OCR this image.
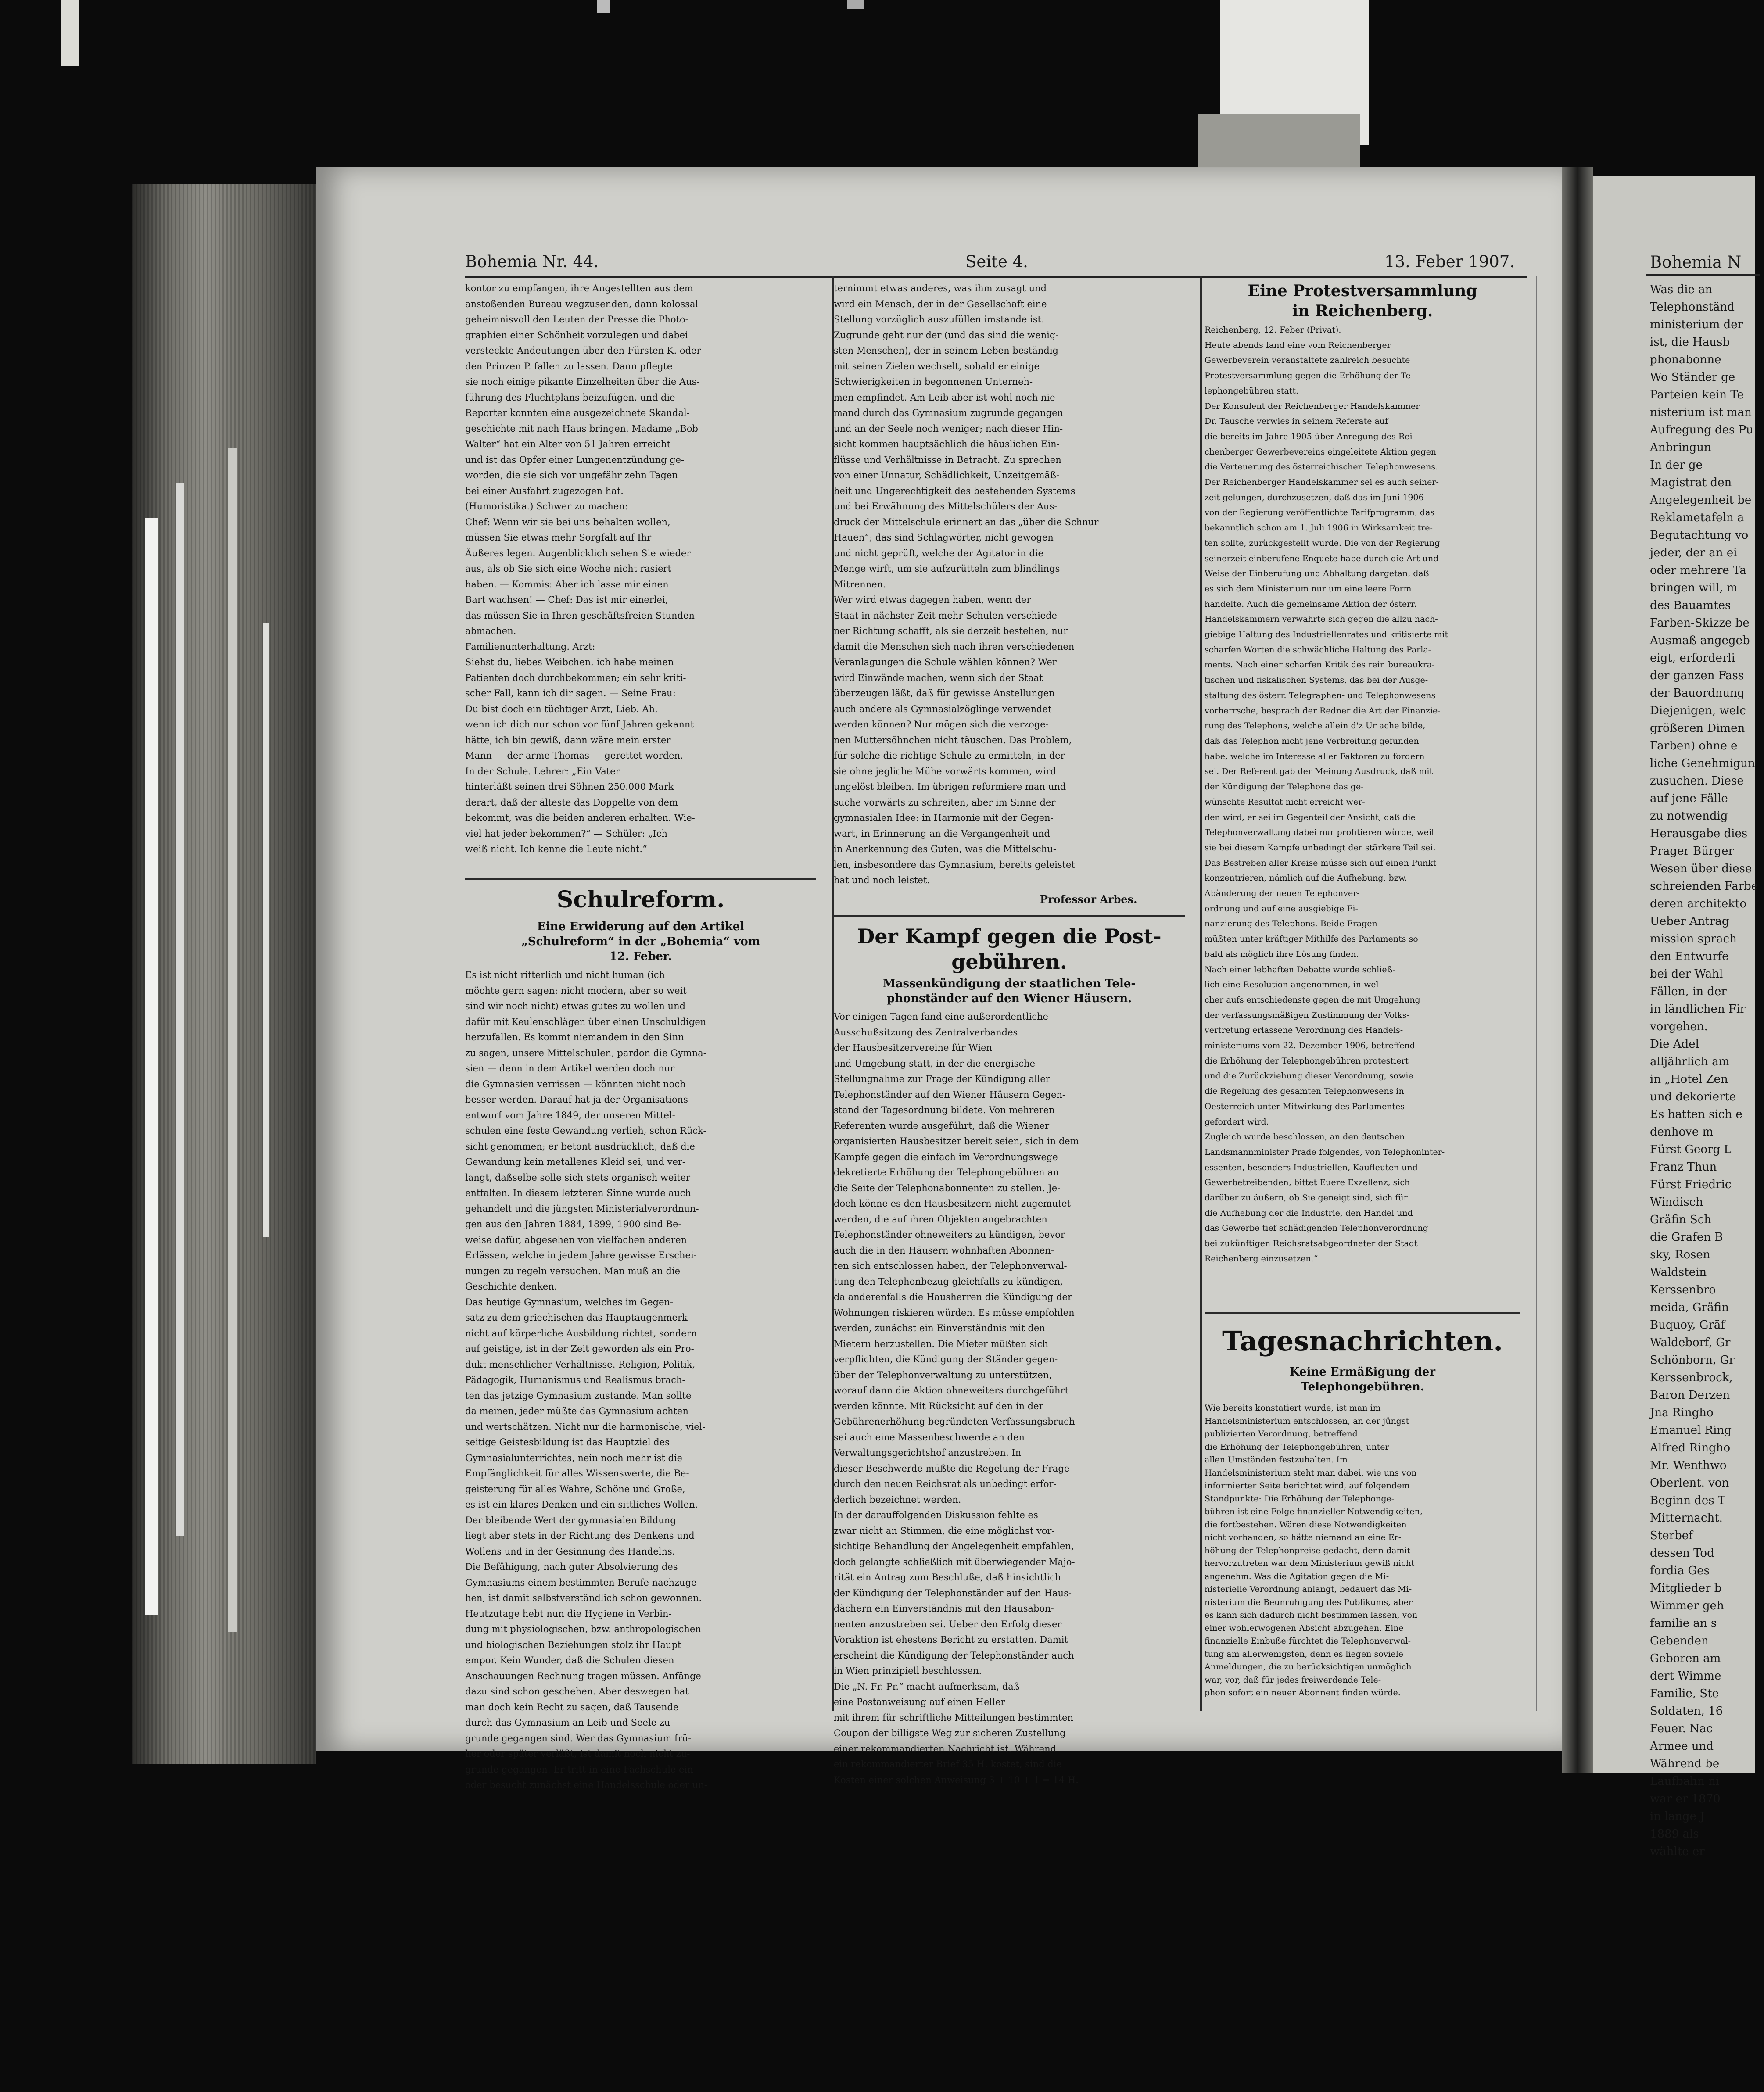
Bohemia N

Was die an

Telephonständ

ministerium der

ist, die Hausb

phonabonne

Wo Ständer ge

Parteien kein Te

nisterium ist man

Aufregung des Pu

Anbringun

In der ge

Magistrat den

Angelegenheit be

Reklametafeln a

Begutachtung vo

jeder, der an ei

oder mehrere Ta

bringen will, m

des Bauamtes

Farben-Skizze be

Ausmaß angegeb

eigt, erforderli

der ganzen Fass

der Bauordnung

Diejenigen, welc

größeren Dimen

Farben) ohne e

liche Genehmigun

zusuchen. Diese

auf jene Fälle

zu notwendig

Herausgabe dies

Prager Bürger

Wesen über diese

schreienden Farbe

deren architekto

Ueber Antrag

mission sprach

den Entwurfe

bei der Wahl

Fällen, in der

in ländlichen Fir

vorgehen.

Die Adel

alljährlich am

in „Hotel Zen

und dekorierte

Es hatten sich e

denhove m

Fürst Georg L

Franz Thun

Fürst Friedric

Windisch

Gräfin Sch

die Grafen B

sky, Rosen

Waldstein

Kerssenbro

meida, Gräfin

Buquoy, Gräf

Waldeborf, Gr

Schönborn, Gr

Kerssenbrock,

Baron Derzen

Jna Ringho

Emanuel Ring

Alfred Ringho

Mr. Wenthwo

Oberlent. von

Beginn des T

Mitternacht.

Sterbef

dessen Tod

fordia Ges

Mitglieder b

Wimmer geh

familie an s

Gebenden

Geboren am

dert Wimme

Familie, Ste

Soldaten, 16

Feuer. Nac

Armee und

Während be

Laufbahn ni

war er 1870

in lange J

1889 als

wählte er

Bohemia Nr. 44.	Seite 4.	13. Feber 1907.

kontor zu empfangen, ihre Angestellten aus dem

anstoßenden Bureau wegzusenden, dann kolossal

geheimnisvoll den Leuten der Presse die Photo-

graphien einer Schönheit vorzulegen und dabei

versteckte Andeutungen über den Fürsten K. oder

den Prinzen P. fallen zu lassen. Dann pflegte

sie noch einige pikante Einzelheiten über die Aus-

führung des Fluchtplans beizufügen, und die

Reporter konnten eine ausgezeichnete Skandal-

geschichte mit nach Haus bringen. Madame „Bob

Walter“ hat ein Alter von 51 Jahren erreicht

und ist das Opfer einer Lungenentzündung ge-

worden, die sie sich vor ungefähr zehn Tagen

bei einer Ausfahrt zugezogen hat.

(Humoristika.) Schwer zu machen:

Chef: Wenn wir sie bei uns behalten wollen,

müssen Sie etwas mehr Sorgfalt auf Ihr

Äußeres legen. Augenblicklich sehen Sie wieder

aus, als ob Sie sich eine Woche nicht rasiert

haben. — Kommis: Aber ich lasse mir einen

Bart wachsen! — Chef: Das ist mir einerlei,

das müssen Sie in Ihren geschäftsfreien Stunden

abmachen.

Familienunterhaltung. Arzt:

Siehst du, liebes Weibchen, ich habe meinen

Patienten doch durchbekommen; ein sehr kriti-

scher Fall, kann ich dir sagen. — Seine Frau:

Du bist doch ein tüchtiger Arzt, Lieb. Ah,

wenn ich dich nur schon vor fünf Jahren gekannt

hätte, ich bin gewiß, dann wäre mein erster

Mann — der arme Thomas — gerettet worden.

In der Schule. Lehrer: „Ein Vater

hinterläßt seinen drei Söhnen 250.000 Mark

derart, daß der älteste das Doppelte von dem

bekommt, was die beiden anderen erhalten. Wie-

viel hat jeder bekommen?“ — Schüler: „Ich

weiß nicht. Ich kenne die Leute nicht.“

Schulreform.

Eine Erwiderung auf den Artikel

„Schulreform“ in der „Bohemia“ vom

12. Feber.

Es ist nicht ritterlich und nicht human (ich

möchte gern sagen: nicht modern, aber so weit

sind wir noch nicht) etwas gutes zu wollen und

dafür mit Keulenschlägen über einen Unschuldigen

herzufallen. Es kommt niemandem in den Sinn

zu sagen, unsere Mittelschulen, pardon die Gymna-

sien — denn in dem Artikel werden doch nur

die Gymnasien verrissen — könnten nicht noch

besser werden. Darauf hat ja der Organisations-

entwurf vom Jahre 1849, der unseren Mittel-

schulen eine feste Gewandung verlieh, schon Rück-

sicht genommen; er betont ausdrücklich, daß die

Gewandung kein metallenes Kleid sei, und ver-

langt, daßselbe solle sich stets organisch weiter

entfalten. In diesem letzteren Sinne wurde auch

gehandelt und die jüngsten Ministerialverordnun-

gen aus den Jahren 1884, 1899, 1900 sind Be-

weise dafür, abgesehen von vielfachen anderen

Erlässen, welche in jedem Jahre gewisse Erschei-

nungen zu regeln versuchen. Man muß an die

Geschichte denken.

Das heutige Gymnasium, welches im Gegen-

satz zu dem griechischen das Hauptaugenmerk

nicht auf körperliche Ausbildung richtet, sondern

auf geistige, ist in der Zeit geworden als ein Pro-

dukt menschlicher Verhältnisse. Religion, Politik,

Pädagogik, Humanismus und Realismus brach-

ten das jetzige Gymnasium zustande. Man sollte

da meinen, jeder müßte das Gymnasium achten

und wertschätzen. Nicht nur die harmonische, viel-

seitige Geistesbildung ist das Hauptziel des

Gymnasialunterrichtes, nein noch mehr ist die

Empfänglichkeit für alles Wissenswerte, die Be-

geisterung für alles Wahre, Schöne und Große,

es ist ein klares Denken und ein sittliches Wollen.

Der bleibende Wert der gymnasialen Bildung

liegt aber stets in der Richtung des Denkens und

Wollens und in der Gesinnung des Handelns.

Die Befähigung, nach guter Absolvierung des

Gymnasiums einem bestimmten Berufe nachzuge-

hen, ist damit selbstverständlich schon gewonnen.

Heutzutage hebt nun die Hygiene in Verbin-

dung mit physiologischen, bzw. anthropologischen

und biologischen Beziehungen stolz ihr Haupt

empor. Kein Wunder, daß die Schulen diesen

Anschauungen Rechnung tragen müssen. Anfänge

dazu sind schon geschehen. Aber deswegen hat

man doch kein Recht zu sagen, daß Tausende

durch das Gymnasium an Leib und Seele zu-

grunde gegangen sind. Wer das Gymnasium frü-

her oder später verläßt, ist damit noch nicht zu-

grunde gegangen. Er tritt in eine Fachschule ein

oder besucht zunächst eine Handelsschule oder un-

ternimmt etwas anderes, was ihm zusagt und

wird ein Mensch, der in der Gesellschaft eine

Stellung vorzüglich auszufüllen imstande ist.

Zugrunde geht nur der (und das sind die wenig-

sten Menschen), der in seinem Leben beständig

mit seinen Zielen wechselt, sobald er einige

Schwierigkeiten in begonnenen Unterneh-

men empfindet. Am Leib aber ist wohl noch nie-

mand durch das Gymnasium zugrunde gegangen

und an der Seele noch weniger; nach dieser Hin-

sicht kommen hauptsächlich die häuslichen Ein-

flüsse und Verhältnisse in Betracht. Zu sprechen

von einer Unnatur, Schädlichkeit, Unzeitgemäß-

heit und Ungerechtigkeit des bestehenden Systems

und bei Erwähnung des Mittelschülers der Aus-

druck der Mittelschule erinnert an das „über die Schnur

Hauen“; das sind Schlagwörter, nicht gewogen

und nicht geprüft, welche der Agitator in die

Menge wirft, um sie aufzurütteln zum blindlings

Mitrennen.

Wer wird etwas dagegen haben, wenn der

Staat in nächster Zeit mehr Schulen verschiede-

ner Richtung schafft, als sie derzeit bestehen, nur

damit die Menschen sich nach ihren verschiedenen

Veranlagungen die Schule wählen können? Wer

wird Einwände machen, wenn sich der Staat

überzeugen läßt, daß für gewisse Anstellungen

auch andere als Gymnasialzöglinge verwendet

werden können? Nur mögen sich die verzoge-

nen Muttersöhnchen nicht täuschen. Das Problem,

für solche die richtige Schule zu ermitteln, in der

sie ohne jegliche Mühe vorwärts kommen, wird

ungelöst bleiben. Im übrigen reformiere man und

suche vorwärts zu schreiten, aber im Sinne der

gymnasialen Idee: in Harmonie mit der Gegen-

wart, in Erinnerung an die Vergangenheit und

in Anerkennung des Guten, was die Mittelschu-

len, insbesondere das Gymnasium, bereits geleistet

hat und noch leistet.

Professor Arbes.

Der Kampf gegen die Post-

gebühren.

Massenkündigung der staatlichen Tele-

phonständer auf den Wiener Häusern.

Vor einigen Tagen fand eine außerordentliche

Ausschußsitzung des Zentralverbandes

der Hausbesitzervereine für Wien

und Umgebung statt, in der die energische

Stellungnahme zur Frage der Kündigung aller

Telephonständer auf den Wiener Häusern Gegen-

stand der Tagesordnung bildete. Von mehreren

Referenten wurde ausgeführt, daß die Wiener

organisierten Hausbesitzer bereit seien, sich in dem

Kampfe gegen die einfach im Verordnungswege

dekretierte Erhöhung der Telephongebühren an

die Seite der Telephonabonnenten zu stellen. Je-

doch könne es den Hausbesitzern nicht zugemutet

werden, die auf ihren Objekten angebrachten

Telephonständer ohneweiters zu kündigen, bevor

auch die in den Häusern wohnhaften Abonnen-

ten sich entschlossen haben, der Telephonverwal-

tung den Telephonbezug gleichfalls zu kündigen,

da anderenfalls die Hausherren die Kündigung der

Wohnungen riskieren würden. Es müsse empfohlen

werden, zunächst ein Einverständnis mit den

Mietern herzustellen. Die Mieter müßten sich

verpflichten, die Kündigung der Ständer gegen-

über der Telephonverwaltung zu unterstützen,

worauf dann die Aktion ohneweiters durchgeführt

werden könnte. Mit Rücksicht auf den in der

Gebührenerhöhung begründeten Verfassungsbruch

sei auch eine Massenbeschwerde an den

Verwaltungsgerichtshof anzustreben. In

dieser Beschwerde müßte die Regelung der Frage

durch den neuen Reichsrat als unbedingt erfor-

derlich bezeichnet werden.

In der darauffolgenden Diskussion fehlte es

zwar nicht an Stimmen, die eine möglichst vor-

sichtige Behandlung der Angelegenheit empfahlen,

doch gelangte schließlich mit überwiegender Majo-

rität ein Antrag zum Beschluße, daß hinsichtlich

der Kündigung der Telephonständer auf den Haus-

dächern ein Einverständnis mit den Hausabon-

nenten anzustreben sei. Ueber den Erfolg dieser

Vorаktion ist ehestens Bericht zu erstatten. Damit

erscheint die Kündigung der Telephonständer auch

in Wien prinzipiell beschlossen.

Die „N. Fr. Pr.“ macht aufmerksam, daß

eine Postanweisung auf einen Heller

mit ihrem für schriftliche Mitteilungen bestimmten

Coupon der billigste Weg zur sicheren Zustellung

einer rekommandierten Nachricht ist. Während

ein rekommandierter Brief 35 H. kostet, sind die

Kosten einer solchen Anweisung 3 + 10 + 1 = 14 H.

Eine Protestversammlung

in Reichenberg.

Reichenberg, 12. Feber (Privat).

Heute abends fand eine vom Reichenberger

Gewerbeverein veranstaltete zahlreich besuchte

Protestversammlung gegen die Erhöhung der Te-

lephongebühren statt.

Der Konsulent der Reichenberger Handelskammer

Dr. Tausche verwies in seinem Referate auf

die bereits im Jahre 1905 über Anregung des Rei-

chenberger Gewerbevereins eingeleitete Aktion gegen

die Verteuerung des österreichischen Telephonwesens.

Der Reichenberger Handelskammer sei es auch seiner-

zeit gelungen, durchzusetzen, daß das im Juni 1906

von der Regierung veröffentlichte Tarifprogramm, das

bekanntlich schon am 1. Juli 1906 in Wirksamkeit tre-

ten sollte, zurückgestellt wurde. Die von der Regierung

seinerzeit einberufene Enquete habe durch die Art und

Weise der Einberufung und Abhaltung dargetan, daß

es sich dem Ministerium nur um eine leere Form

handelte. Auch die gemeinsame Aktion der österr.

Handelskammern verwahrte sich gegen die allzu nach-

giebige Haltung des Industriellenrates und kritisierte mit

scharfen Worten die schwächliche Haltung des Parla-

ments. Nach einer scharfen Kritik des rein bureaukra-

tischen und fiskalischen Systems, das bei der Ausge-

staltung des österr. Telegraphen- und Telephonwesens

vorherrsche, besprach der Redner die Art der Finanzie-

rung des Telephons, welche allein d'z Ur ache bilde,

daß das Telephon nicht jene Verbreitung gefunden

habe, welche im Interesse aller Faktoren zu fordern

sei. Der Referent gab der Meinung Ausdruck, daß mit

der Kündigung der Telephone das ge-

wünschte Resultat nicht erreicht wer-

den wird, er sei im Gegenteil der Ansicht, daß die

Telephonverwaltung dabei nur profitieren würde, weil

sie bei diesem Kampfe unbedingt der stärkere Teil sei.

Das Bestreben aller Kreise müsse sich auf einen Punkt

konzentrieren, nämlich auf die Aufhebung, bzw.

Abänderung der neuen Telephonver-

ordnung und auf eine ausgiebige Fi-

nanzierung des Telephons. Beide Fragen

müßten unter kräftiger Mithilfe des Parlaments so

bald als möglich ihre Lösung finden.

Nach einer lebhaften Debatte wurde schließ-

lich eine Resolution angenommen, in wel-

cher aufs entschiedenste gegen die mit Umgehung

der verfassungsmäßigen Zustimmung der Volks-

vertretung erlassene Verordnung des Handels-

ministeriums vom 22. Dezember 1906, betreffend

die Erhöhung der Telephongebühren protestiert

und die Zurückziehung dieser Verordnung, sowie

die Regelung des gesamten Telephonwesens in

Oesterreich unter Mitwirkung des Parlamentes

gefordert wird.

Zugleich wurde beschlossen, an den deutschen

Landsmannminister Prade folgendes, von Telephoninter-

essenten, besonders Industriellen, Kaufleuten und

Gewerbetreibenden, bittet Euere Exzellenz, sich

darüber zu äußern, ob Sie geneigt sind, sich für

die Aufhebung der die Industrie, den Handel und

das Gewerbe tief schädigenden Telephonverordnung

bei zukünftigen Reichsratsabgeordneter der Stadt

Reichenberg einzusetzen.“

Tagesnachrichten.

Keine Ermäßigung der

Telephongebühren.

Wie bereits konstatiert wurde, ist man im

Handelsministerium entschlossen, an der jüngst

publizierten Verordnung, betreffend

die Erhöhung der Telephongebühren, unter

allen Umständen festzuhalten. Im

Handelsministerium steht man dabei, wie uns von

informierter Seite berichtet wird, auf folgendem

Standpunkte: Die Erhöhung der Telephonge-

bühren ist eine Folge finanzieller Notwendigkeiten,

die fortbestehen. Wären diese Notwendigkeiten

nicht vorhanden, so hätte niemand an eine Er-

höhung der Telephonpreise gedacht, denn damit

hervorzutreten war dem Ministerium gewiß nicht

angenehm. Was die Agitation gegen die Mi-

nisterielle Verordnung anlangt, bedauert das Mi-

nisterium die Beunruhigung des Publikums, aber

es kann sich dadurch nicht bestimmen lassen, von

einer wohlerwogenen Absicht abzugehen. Eine

finanzielle Einbuße fürchtet die Telephonverwal-

tung am allerwenigsten, denn es liegen soviele

Anmeldungen, die zu berücksichtigen unmöglich

war, vor, daß für jedes freiwerdende Tele-

phon sofort ein neuer Abonnent finden würde.
